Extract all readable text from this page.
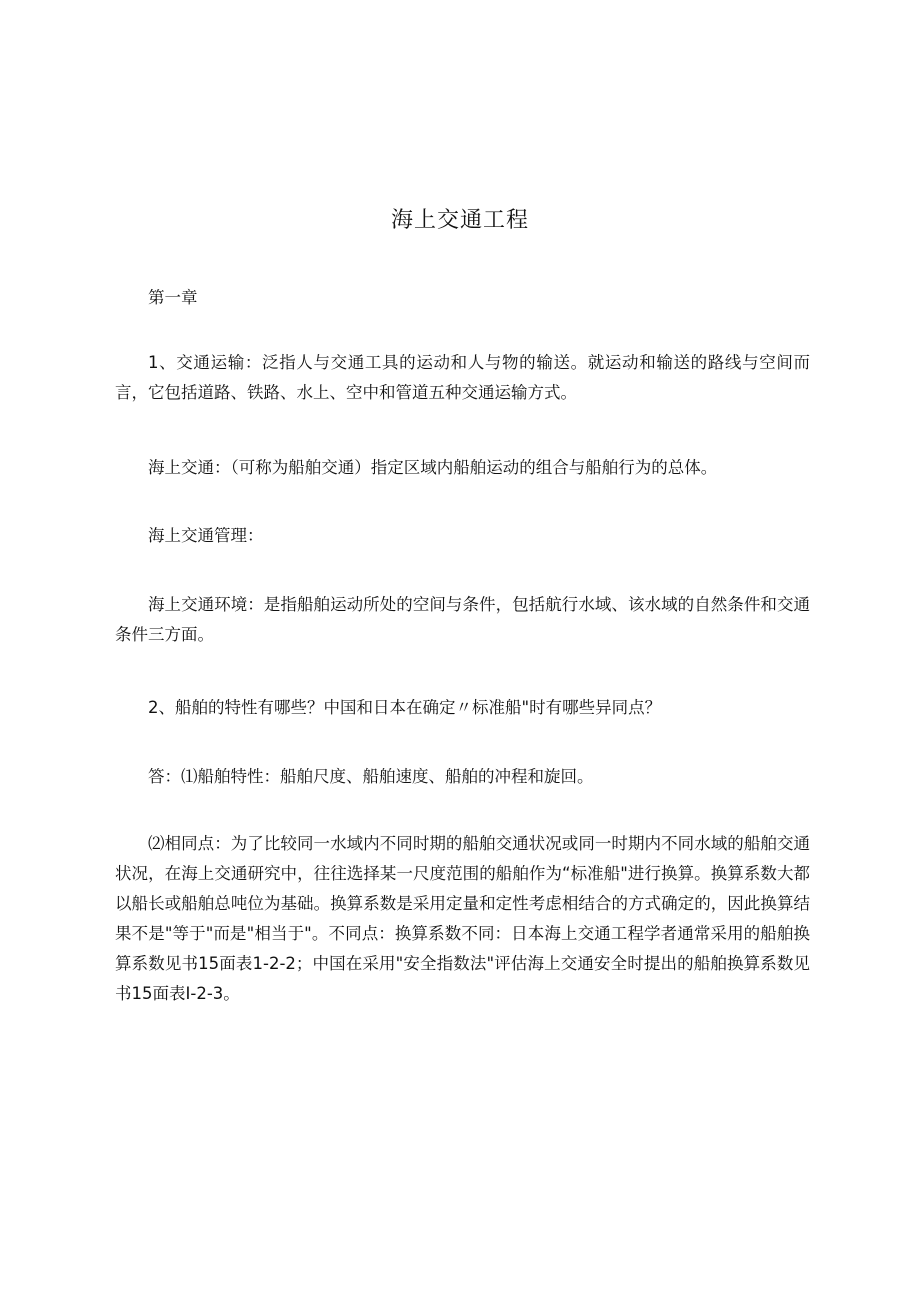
海上交通工程

第一章

1、交通运输：泛指人与交通工具的运动和人与物的输送。就运动和输送的路线与空间而言，它包括道路、铁路、水上、空中和管道五种交通运输方式。

海上交通：（可称为船舶交通）指定区域内船舶运动的组合与船舶行为的总体。

海上交通管理：

海上交通环境：是指船舶运动所处的空间与条件，包括航行水域、该水域的自然条件和交通条件三方面。

2、船舶的特性有哪些？中国和日本在确定〃标准船"时有哪些异同点？

答：⑴船舶特性：船舶尺度、船舶速度、船舶的冲程和旋回。

⑵相同点：为了比较同一水域内不同时期的船舶交通状况或同一时期内不同水域的船舶交通状况，在海上交通研究中，往往选择某一尺度范围的船舶作为“标准船"进行换算。换算系数大都以船长或船舶总吨位为基础。换算系数是采用定量和定性考虑相结合的方式确定的，因此换算结果不是"等于"而是"相当于"。不同点：换算系数不同：日本海上交通工程学者通常采用的船舶换算系数见书15面表1-2-2；中国在采用"安全指数法"评估海上交通安全时提出的船舶换算系数见书15面表I-2-3。
